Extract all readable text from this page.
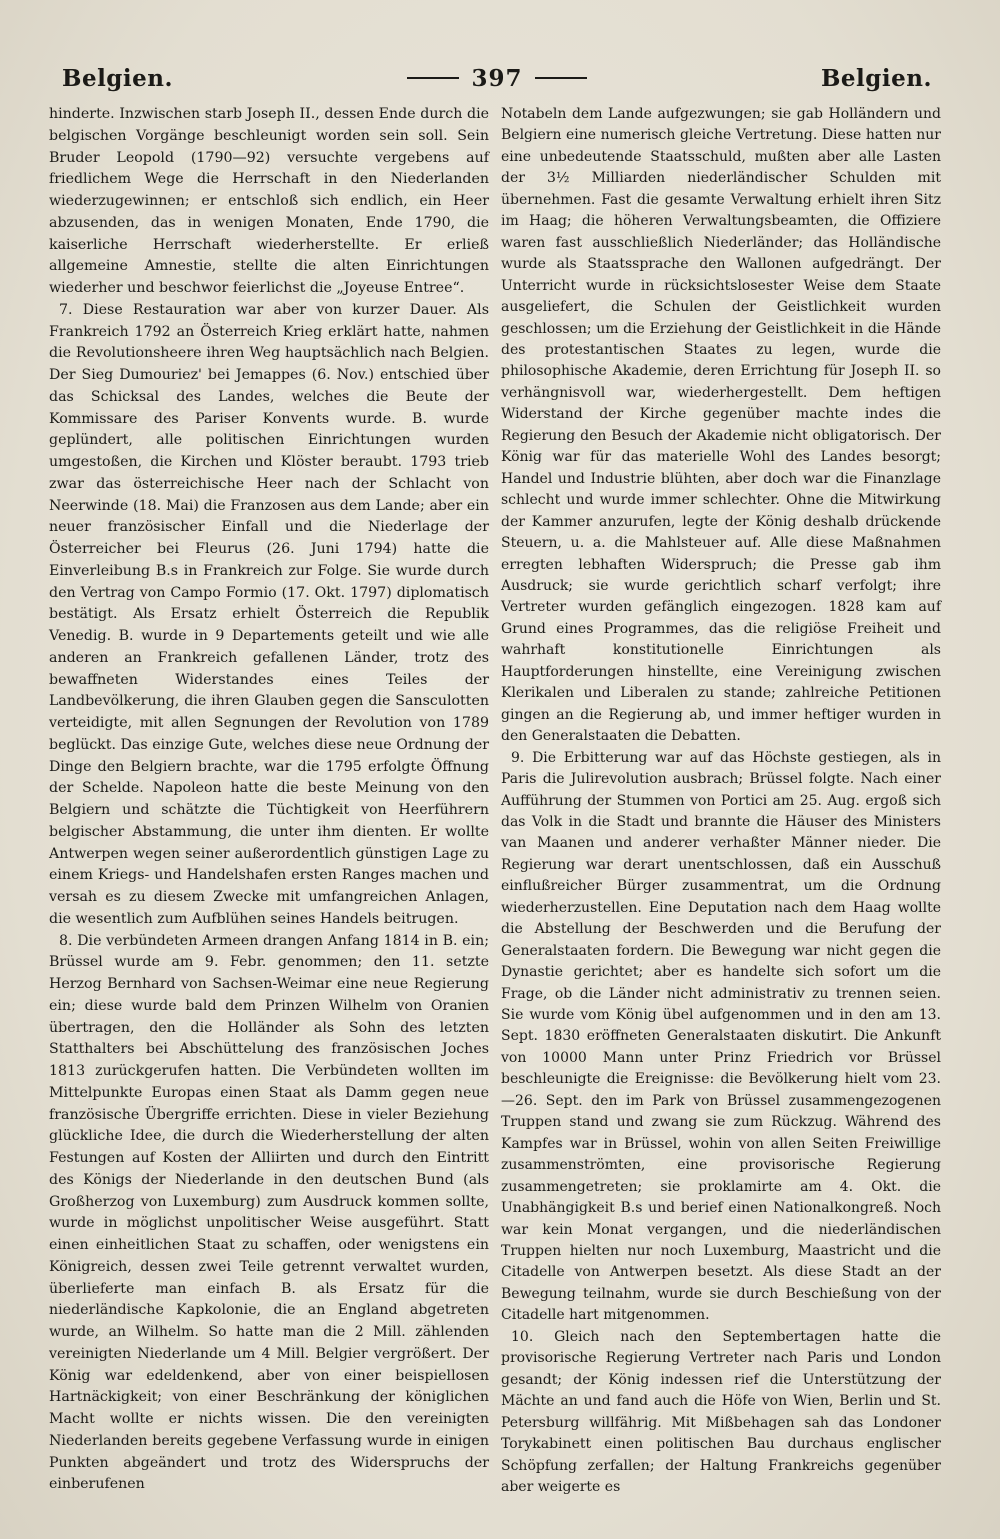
Belgien.	397	Belgien.

hinderte. Inzwischen starb Joseph II., dessen Ende durch die belgischen Vorgänge beschleunigt worden sein soll. Sein Bruder Leopold (1790—92) versuchte vergebens auf friedlichem Wege die Herrschaft in den Niederlanden wiederzugewinnen; er entschloß sich endlich, ein Heer abzusenden, das in wenigen Monaten, Ende 1790, die kaiserliche Herrschaft wiederherstellte. Er erließ allgemeine Amnestie, stellte die alten Einrichtungen wiederher und beschwor feierlichst die „Joyeuse Entree“.

7. Diese Restauration war aber von kurzer Dauer. Als Frankreich 1792 an Österreich Krieg erklärt hatte, nahmen die Revolutionsheere ihren Weg hauptsächlich nach Belgien. Der Sieg Dumouriez' bei Jemappes (6. Nov.) entschied über das Schicksal des Landes, welches die Beute der Kommissare des Pariser Konvents wurde. B. wurde geplündert, alle politischen Einrichtungen wurden umgestoßen, die Kirchen und Klöster beraubt. 1793 trieb zwar das österreichische Heer nach der Schlacht von Neerwinde (18. Mai) die Franzosen aus dem Lande; aber ein neuer französischer Einfall und die Niederlage der Österreicher bei Fleurus (26. Juni 1794) hatte die Einverleibung B.s in Frankreich zur Folge. Sie wurde durch den Vertrag von Campo Formio (17. Okt. 1797) diplomatisch bestätigt. Als Ersatz erhielt Österreich die Republik Venedig. B. wurde in 9 Departements geteilt und wie alle anderen an Frankreich gefallenen Länder, trotz des bewaffneten Widerstandes eines Teiles der Landbevölkerung, die ihren Glauben gegen die Sansculotten verteidigte, mit allen Segnungen der Revolution von 1789 beglückt. Das einzige Gute, welches diese neue Ordnung der Dinge den Belgiern brachte, war die 1795 erfolgte Öffnung der Schelde. Napoleon hatte die beste Meinung von den Belgiern und schätzte die Tüchtigkeit von Heerführern belgischer Abstammung, die unter ihm dienten. Er wollte Antwerpen wegen seiner außerordentlich günstigen Lage zu einem Kriegs- und Handelshafen ersten Ranges machen und versah es zu diesem Zwecke mit umfangreichen Anlagen, die wesentlich zum Aufblühen seines Handels beitrugen.

8. Die verbündeten Armeen drangen Anfang 1814 in B. ein; Brüssel wurde am 9. Febr. genommen; den 11. setzte Herzog Bernhard von Sachsen-Weimar eine neue Regierung ein; diese wurde bald dem Prinzen Wilhelm von Oranien übertragen, den die Holländer als Sohn des letzten Statthalters bei Abschüttelung des französischen Joches 1813 zurückgerufen hatten. Die Verbündeten wollten im Mittelpunkte Europas einen Staat als Damm gegen neue französische Übergriffe errichten. Diese in vieler Beziehung glückliche Idee, die durch die Wiederherstellung der alten Festungen auf Kosten der Alliirten und durch den Eintritt des Königs der Niederlande in den deutschen Bund (als Großherzog von Luxemburg) zum Ausdruck kommen sollte, wurde in möglichst unpolitischer Weise ausgeführt. Statt einen einheitlichen Staat zu schaffen, oder wenigstens ein Königreich, dessen zwei Teile getrennt verwaltet wurden, überlieferte man einfach B. als Ersatz für die niederländische Kapkolonie, die an England abgetreten wurde, an Wilhelm. So hatte man die 2 Mill. zählenden vereinigten Niederlande um 4 Mill. Belgier vergrößert. Der König war edeldenkend, aber von einer beispiellosen Hartnäckigkeit; von einer Beschränkung der königlichen Macht wollte er nichts wissen. Die den vereinigten Niederlanden bereits gegebene Verfassung wurde in einigen Punkten abgeändert und trotz des Widerspruchs der einberufenen

Notabeln dem Lande aufgezwungen; sie gab Holländern und Belgiern eine numerisch gleiche Vertretung. Diese hatten nur eine unbedeutende Staatsschuld, mußten aber alle Lasten der 3½ Milliarden niederländischer Schulden mit übernehmen. Fast die gesamte Verwaltung erhielt ihren Sitz im Haag; die höheren Verwaltungsbeamten, die Offiziere waren fast ausschließlich Niederländer; das Holländische wurde als Staatssprache den Wallonen aufgedrängt. Der Unterricht wurde in rücksichtslosester Weise dem Staate ausgeliefert, die Schulen der Geistlichkeit wurden geschlossen; um die Erziehung der Geistlichkeit in die Hände des protestantischen Staates zu legen, wurde die philosophische Akademie, deren Errichtung für Joseph II. so verhängnisvoll war, wiederhergestellt. Dem heftigen Widerstand der Kirche gegenüber machte indes die Regierung den Besuch der Akademie nicht obligatorisch. Der König war für das materielle Wohl des Landes besorgt; Handel und Industrie blühten, aber doch war die Finanzlage schlecht und wurde immer schlechter. Ohne die Mitwirkung der Kammer anzurufen, legte der König deshalb drückende Steuern, u. a. die Mahlsteuer auf. Alle diese Maßnahmen erregten lebhaften Widerspruch; die Presse gab ihm Ausdruck; sie wurde gerichtlich scharf verfolgt; ihre Vertreter wurden gefänglich eingezogen. 1828 kam auf Grund eines Programmes, das die religiöse Freiheit und wahrhaft konstitutionelle Einrichtungen als Hauptforderungen hinstellte, eine Vereinigung zwischen Klerikalen und Liberalen zu stande; zahlreiche Petitionen gingen an die Regierung ab, und immer heftiger wurden in den Generalstaaten die Debatten.

9. Die Erbitterung war auf das Höchste gestiegen, als in Paris die Julirevolution ausbrach; Brüssel folgte. Nach einer Aufführung der Stummen von Portici am 25. Aug. ergoß sich das Volk in die Stadt und brannte die Häuser des Ministers van Maanen und anderer verhaßter Männer nieder. Die Regierung war derart unentschlossen, daß ein Ausschuß einflußreicher Bürger zusammentrat, um die Ordnung wiederherzustellen. Eine Deputation nach dem Haag wollte die Abstellung der Beschwerden und die Berufung der Generalstaaten fordern. Die Bewegung war nicht gegen die Dynastie gerichtet; aber es handelte sich sofort um die Frage, ob die Länder nicht administrativ zu trennen seien. Sie wurde vom König übel aufgenommen und in den am 13. Sept. 1830 eröffneten Generalstaaten diskutirt. Die Ankunft von 10000 Mann unter Prinz Friedrich vor Brüssel beschleunigte die Ereignisse: die Bevölkerung hielt vom 23.—26. Sept. den im Park von Brüssel zusammengezogenen Truppen stand und zwang sie zum Rückzug. Während des Kampfes war in Brüssel, wohin von allen Seiten Freiwillige zusammenströmten, eine provisorische Regierung zusammengetreten; sie proklamirte am 4. Okt. die Unabhängigkeit B.s und berief einen Nationalkongreß. Noch war kein Monat vergangen, und die niederländischen Truppen hielten nur noch Luxemburg, Maastricht und die Citadelle von Antwerpen besetzt. Als diese Stadt an der Bewegung teilnahm, wurde sie durch Beschießung von der Citadelle hart mitgenommen.

10. Gleich nach den Septembertagen hatte die provisorische Regierung Vertreter nach Paris und London gesandt; der König indessen rief die Unterstützung der Mächte an und fand auch die Höfe von Wien, Berlin und St. Petersburg willfährig. Mit Mißbehagen sah das Londoner Torykabinett einen politischen Bau durchaus englischer Schöpfung zerfallen; der Haltung Frankreichs gegenüber aber weigerte es
